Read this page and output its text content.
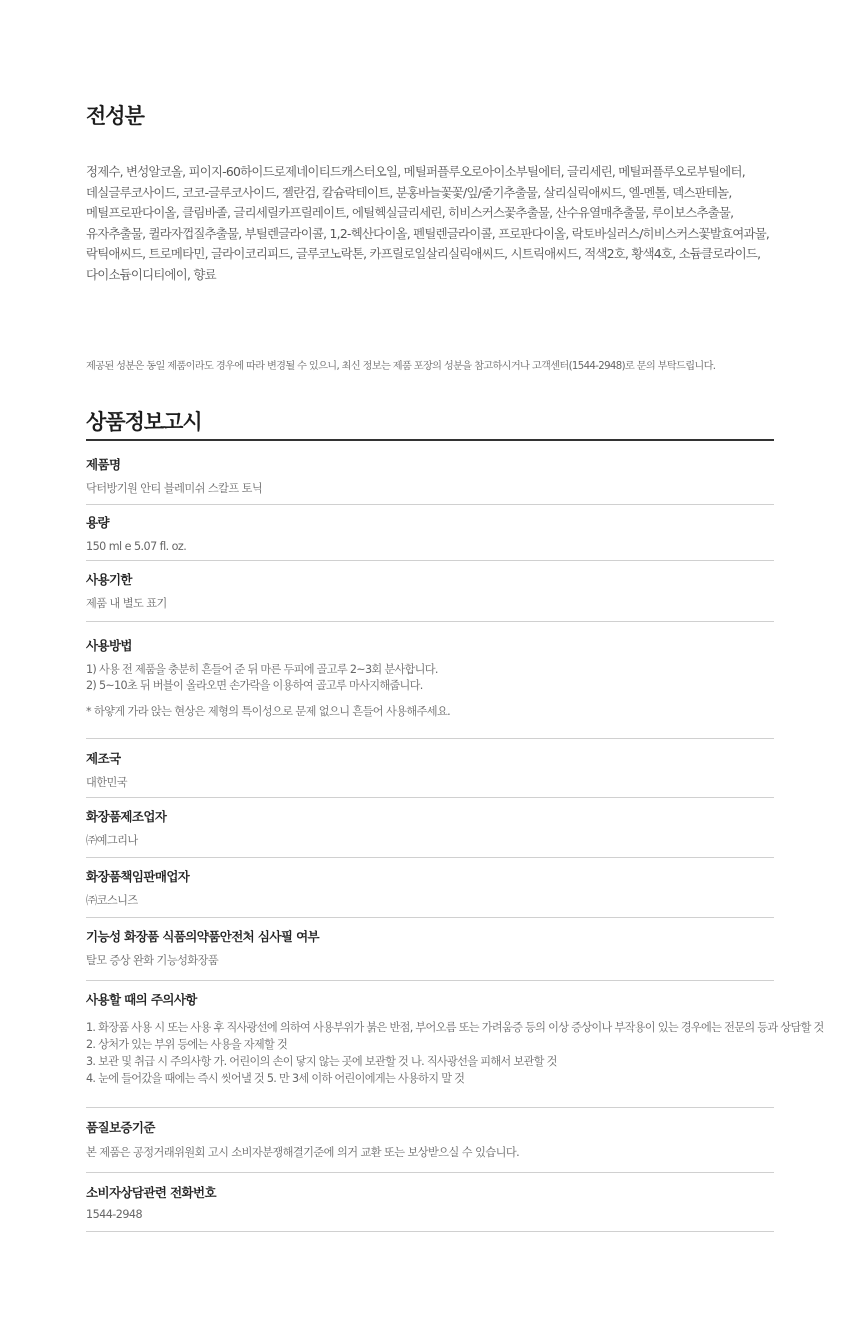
전성분
정제수, 변성알코올, 피이지-60하이드로제네이티드캐스터오일, 메틸퍼플루오로아이소부틸에터, 글리세린, 메틸퍼플루오로부틸에터,
데실글루코사이드, 코코-글루코사이드, 젤란검, 칼슘락테이트, 분홍바늘꽃꽃/잎/줄기추출물, 살리실릭애씨드, 엘-멘톨, 덱스판테놀,
메틸프로판다이올, 클림바졸, 글리세릴카프릴레이트, 에틸헥실글리세린, 히비스커스꽃추출물, 산수유열매추출물, 루이보스추출물,
유자추출물, 퀼라자껍질추출물, 부틸렌글라이콜, 1,2-헥산다이올, 펜틸렌글라이콜, 프로판다이올, 락토바실러스/히비스커스꽃발효여과물,
락틱애씨드, 트로메타민, 글라이코리피드, 글루코노락톤, 카프릴로일살리실릭애씨드, 시트릭애씨드, 적색2호, 황색4호, 소듐클로라이드,
다이소듐이디티에이, 향료
제공된 성분은 동일 제품이라도 경우에 따라 변경될 수 있으니, 최신 정보는 제품 포장의 성분을 참고하시거나 고객센터(1544-2948)로 문의 부탁드립니다.
상품정보고시
제품명
닥터방기원 안티 블레미쉬 스칼프 토닉
용량
150 ml e 5.07 fl. oz.
사용기한
제품 내 별도 표기
사용방법
1) 사용 전 제품을 충분히 흔들어 준 뒤 마른 두피에 골고루 2~3회 분사합니다.
2) 5~10초 뒤 버블이 올라오면 손가락을 이용하여 골고루 마사지해줍니다.
* 하얗게 가라 앉는 현상은 제형의 특이성으로 문제 없으니 흔들어 사용해주세요.
제조국
대한민국
화장품제조업자
㈜예그리나
화장품책임판매업자
㈜코스니즈
기능성 화장품 식품의약품안전처 심사필 여부
탈모 증상 완화 기능성화장품
사용할 때의 주의사항
1. 화장품 사용 시 또는 사용 후 직사광선에 의하여 사용부위가 붉은 반점, 부어오름 또는 가려움증 등의 이상 증상이나 부작용이 있는 경우에는 전문의 등과 상담할 것
2. 상처가 있는 부위 등에는 사용을 자제할 것
3. 보관 및 취급 시 주의사항 가. 어린이의 손이 닿지 않는 곳에 보관할 것 나. 직사광선을 피해서 보관할 것
4. 눈에 들어갔을 때에는 즉시 씻어낼 것 5. 만 3세 이하 어린이에게는 사용하지 말 것
품질보증기준
본 제품은 공정거래위원회 고시 소비자분쟁해결기준에 의거 교환 또는 보상받으실 수 있습니다.
소비자상담관련 전화번호
1544-2948
